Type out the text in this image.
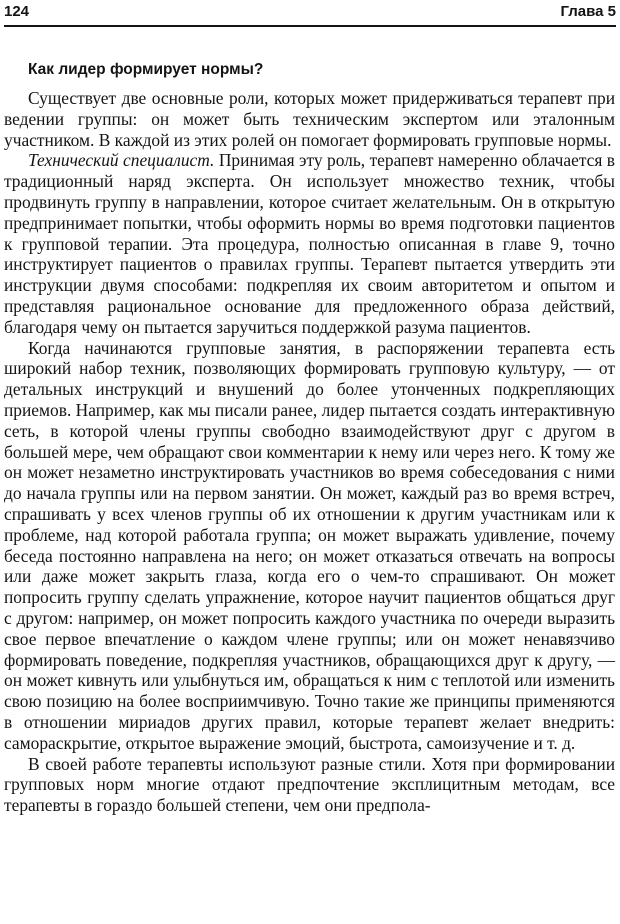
124	Глава 5
Как лидер формирует нормы?

Существует две основные роли, которых может придерживаться терапевт при ведении группы: он может быть техническим экспертом или эталонным участником. В каждой из этих ролей он помогает формировать групповые нормы.

Технический специалист. Принимая эту роль, терапевт намеренно облачается в традиционный наряд эксперта. Он использует множество техник, чтобы продвинуть группу в направлении, которое считает желательным. Он в открытую предпринимает попытки, чтобы оформить нормы во время подготовки пациентов к групповой терапии. Эта процедура, полностью описанная в главе 9, точно инструктирует пациентов о правилах группы. Терапевт пытается утвердить эти инструкции двумя способами: подкрепляя их своим авторитетом и опытом и представляя рациональное основание для предложенного образа действий, благодаря чему он пытается заручиться поддержкой разума пациентов.

Когда начинаются групповые занятия, в распоряжении терапевта есть широкий набор техник, позволяющих формировать групповую культуру, — от детальных инструкций и внушений до более утонченных подкрепляющих приемов. Например, как мы писали ранее, лидер пытается создать интерактивную сеть, в которой члены группы свободно взаимодействуют друг с другом в большей мере, чем обращают свои комментарии к нему или через него. К тому же он может незаметно инструктировать участников во время собеседования с ними до начала группы или на первом занятии. Он может, каждый раз во время встреч, спрашивать у всех членов группы об их отношении к другим участникам или к проблеме, над которой работала группа; он может выражать удивление, почему беседа постоянно направлена на него; он может отказаться отвечать на вопросы или даже может закрыть глаза, когда его о чем-то спрашивают. Он может попросить группу сделать упражнение, которое научит пациентов общаться друг с другом: например, он может попросить каждого участника по очереди выразить свое первое впечатление о каждом члене группы; или он может ненавязчиво формировать поведение, подкрепляя участников, обращающихся друг к другу, — он может кивнуть или улыбнуться им, обращаться к ним с теплотой или изменить свою позицию на более восприимчивую. Точно такие же принципы применяются в отношении мириадов других правил, которые терапевт желает внедрить: самораскрытие, открытое выражение эмоций, быстрота, самоизучение и т. д.

В своей работе терапевты используют разные стили. Хотя при формировании групповых норм многие отдают предпочтение эксплицитным методам, все терапевты в гораздо большей степени, чем они предпола-
